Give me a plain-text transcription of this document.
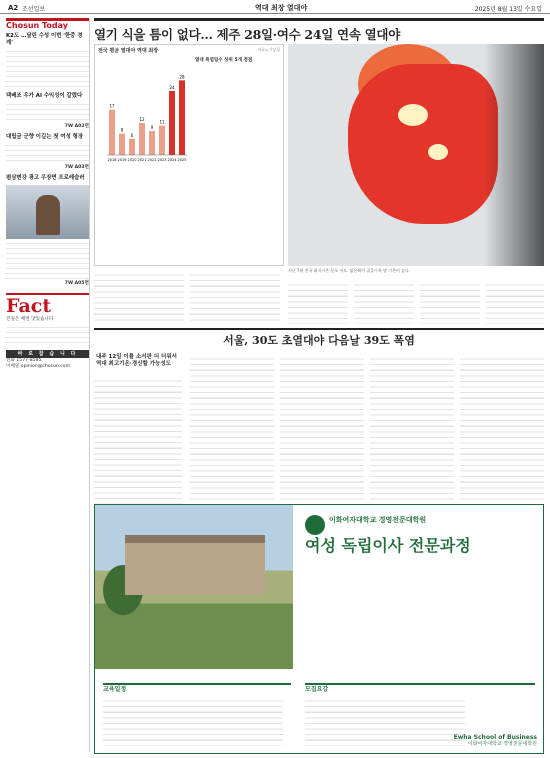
A2 조선일보	역대 최장 열대야	2025년 8월 13일 수요일
Chosun Today
K2도 …달린 수성 이번 '한중 경계'
택배조 우가 AI 수익성이 갈렸다
7W A02면
대립금 군향 이길는 첫 여성 형장
7W A03면
펌삼변강 광고 우장면 프로레슬러
7W A05면
Fact
진실은 배면 맛있습니다
바 로 잡 습 니 다
전화 1577-8585
이메일 opinion@chosun.com
열기 식을 틈이 없다… 제주 28일·여수 24일 연속 열대야
전국 평균 열대야 역대 최장	자료=기상청
열대 폭염일수 상위 5개 정점
17
2018
8
2019
6
2020
12
2021
9
2022
11
2023
24
2024
28
2025
지난 7월 전국 최저기온 분포 지도. 붉은색이 짙을수록 밤 기온이 높다.
서울, 30도 초열대야 다음날 39도 폭염
내주 12일 이틀 소서판 더 더워서 역대 최고기온·경신할 가능성도
이화여자대학교 경영전문대학원
여성 독립이사 전문과정
교육일정	모집요강
Ewha School of Business
이화여자대학교 경영전문대학원
